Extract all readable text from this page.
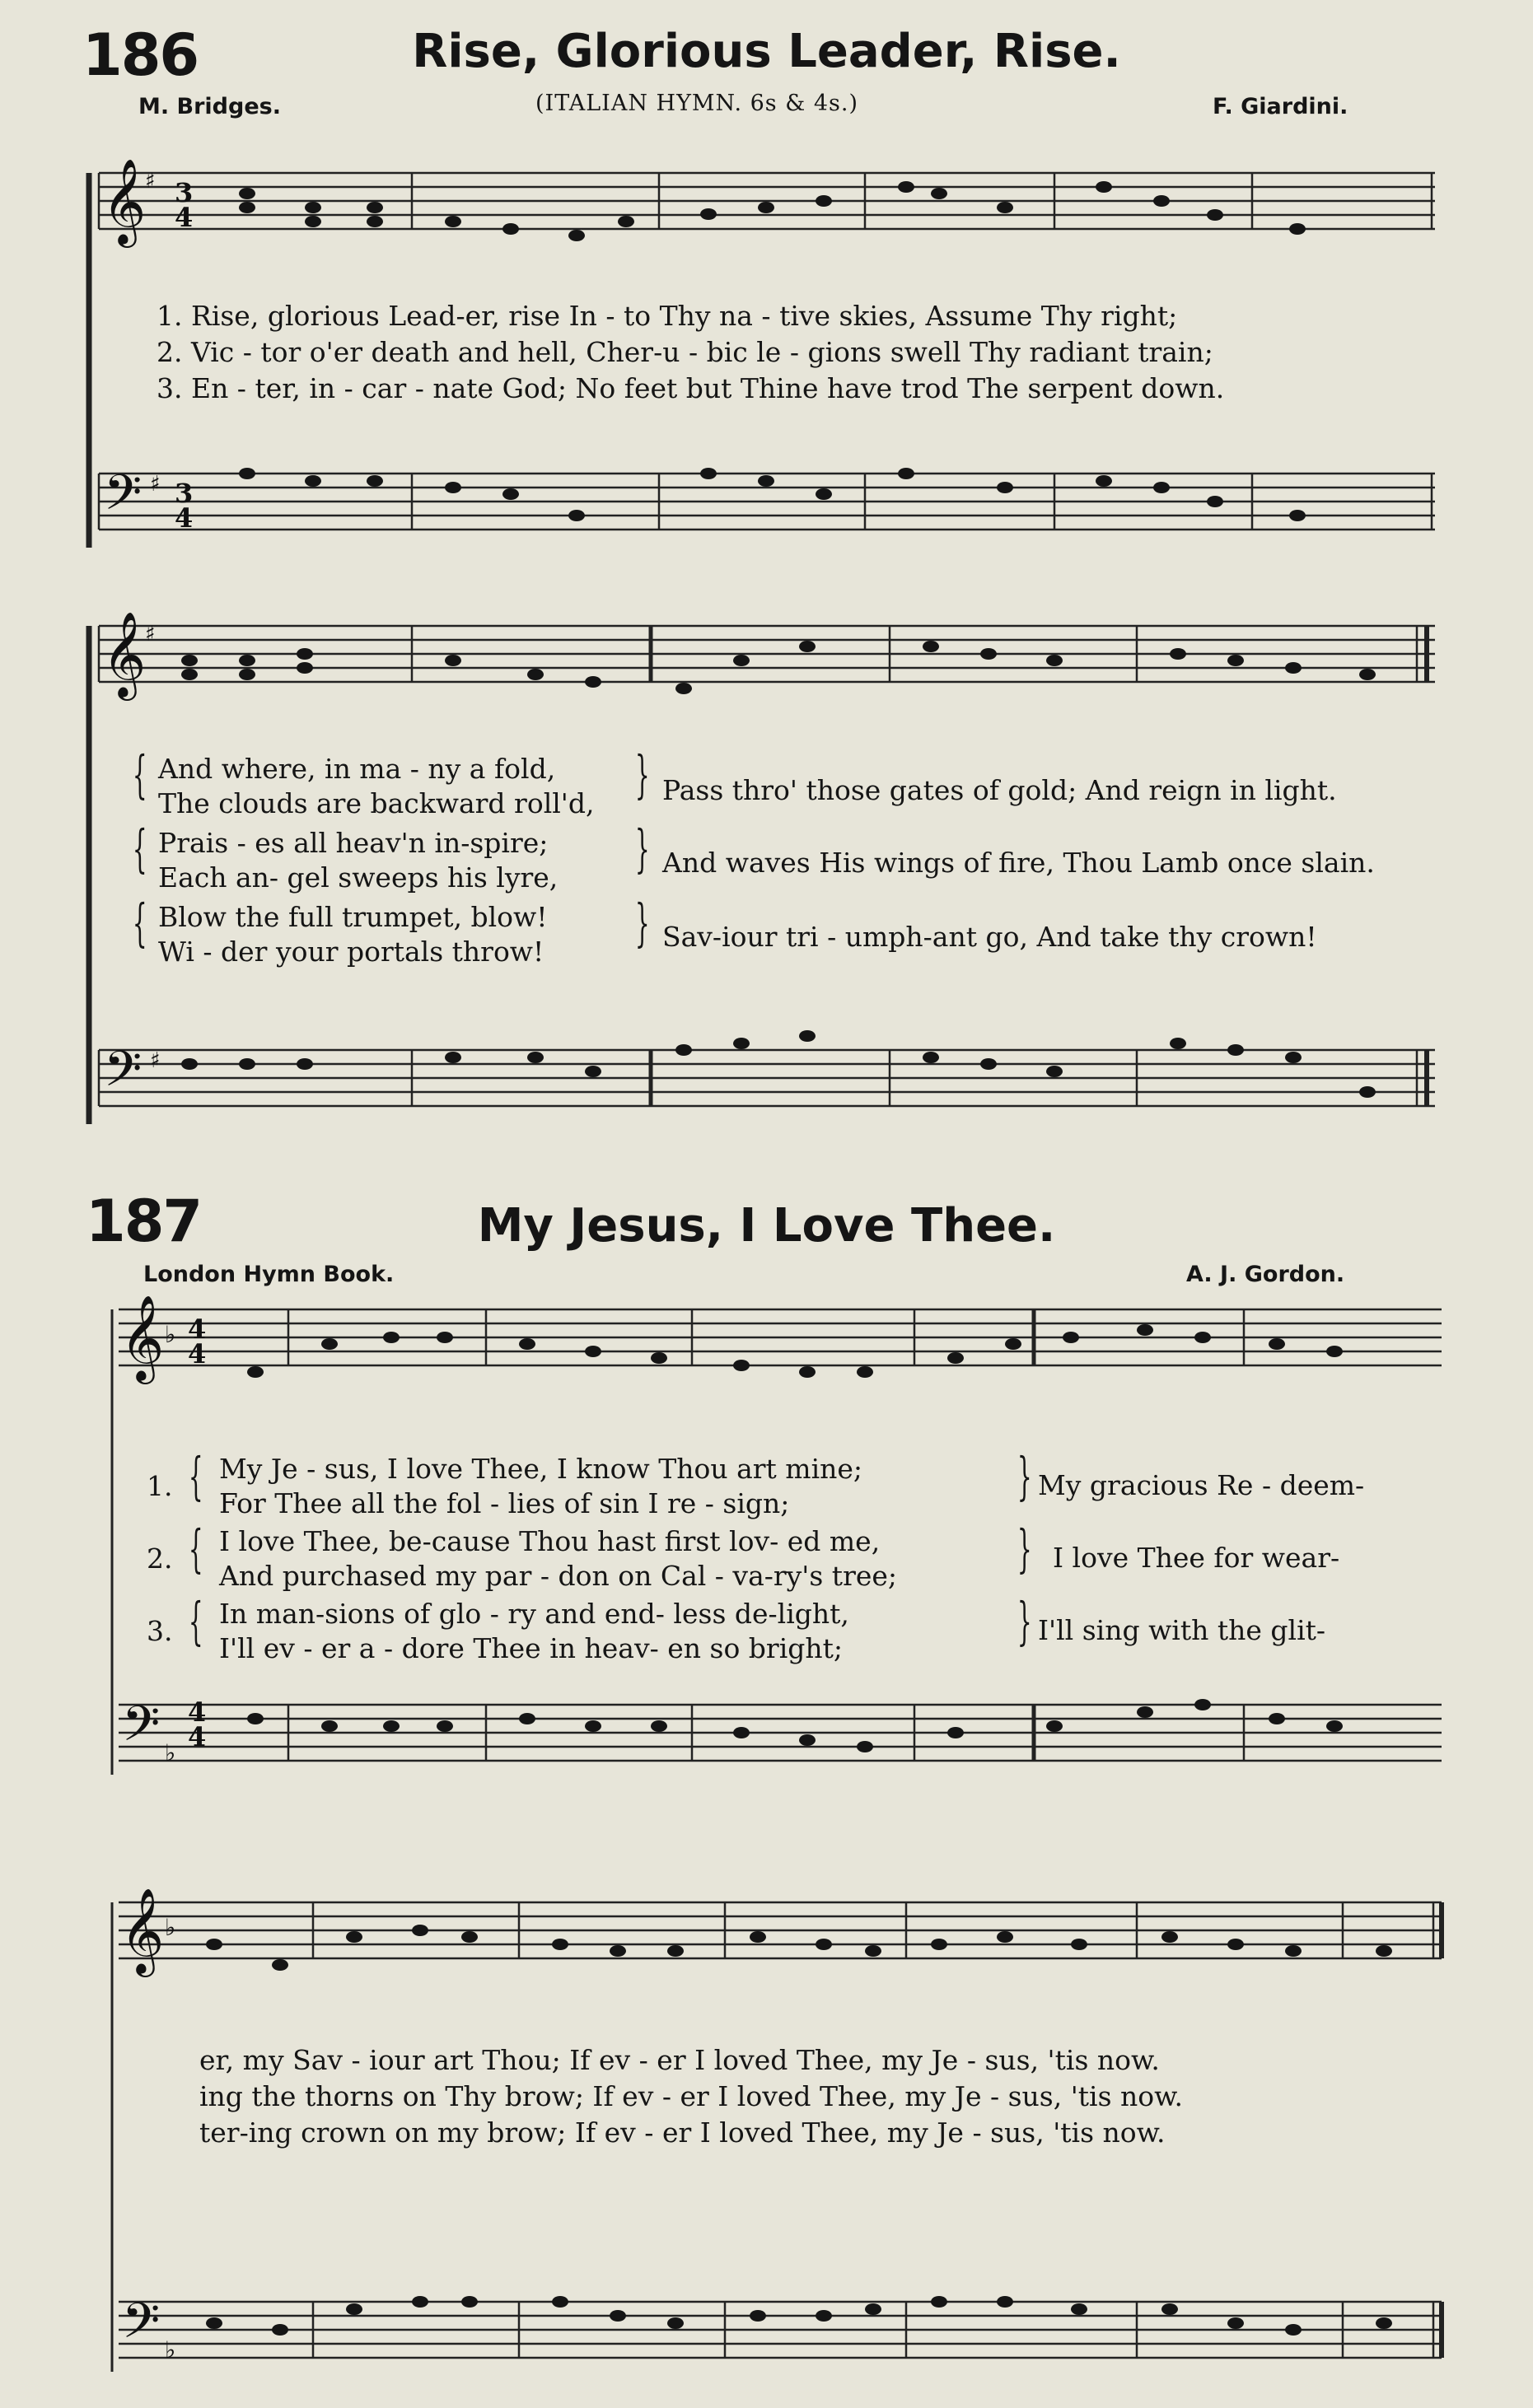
186	Rise, Glorious Leader, Rise.
M. Bridges.	(ITALIAN HYMN. 6s & 4s.)	F. Giardini.
𝄞
♯ 3
4
𝄢 ♯ 3
4
1. Rise, glorious Lead-er, rise In - to Thy na - tive skies, Assume Thy right;
2. Vic - tor o'er death and hell, Cher-u - bic le - gions swell Thy radiant train;
3. En - ter, in - car - nate God; No feet but Thine have trod The serpent down.
𝄞
♯
𝄢 ♯
{ And where, in ma - ny a fold,
The clouds are backward roll'd, } Pass thro' those gates of gold; And reign in light.
{ Prais - es all heav'n in-spire;
Each an- gel sweeps his lyre, } And waves His wings of fire, Thou Lamb once slain.
{ Blow the full trumpet, blow!
Wi - der your portals throw! } Sav-iour tri - umph-ant go, And take thy crown!
187	My Jesus, I Love Thee.
London Hymn Book.	A. J. Gordon.
𝄞 ♭ 4
4
𝄢 ♭
4
4
1. { My Je - sus, I love Thee, I know Thou art mine;
For Thee all the fol - lies of sin I re - sign;	} My gracious Re - deem-
2. { I love Thee, be-cause Thou hast first lov- ed me,
And purchased my par - don on Cal - va-ry's tree; } I love Thee for wear-
3. { In man-sions of glo - ry and end- less de-light,
I'll ev - er a - dore Thee in heav- en so bright;	} I'll sing with the glit-
𝄞 ♭
𝄢 ♭
er, my Sav - iour art Thou; If ev - er I loved Thee, my Je - sus, 'tis now.
ing the thorns on Thy brow; If ev - er I loved Thee, my Je - sus, 'tis now.
ter-ing crown on my brow; If ev - er I loved Thee, my Je - sus, 'tis now.
